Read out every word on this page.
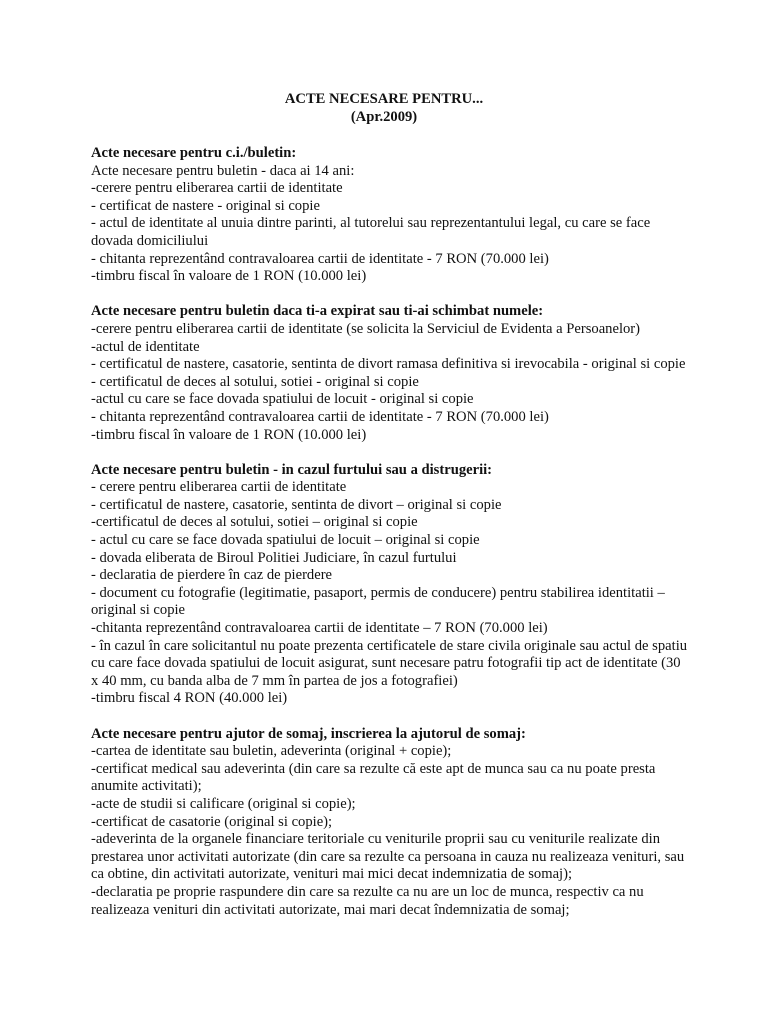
ACTE NECESARE PENTRU...
(Apr.2009)
Acte necesare pentru c.i./buletin:

Acte necesare pentru buletin - daca ai 14 ani:

-cerere pentru eliberarea cartii de identitate

- certificat de nastere - original si copie

- actul de identitate al unuia dintre parinti, al tutorelui sau reprezentantului legal, cu care se face dovada domiciliului

- chitanta reprezentând contravaloarea cartii de identitate - 7 RON (70.000 lei)

-timbru fiscal în valoare de 1 RON (10.000 lei)

Acte necesare pentru buletin daca ti-a expirat sau ti-ai schimbat numele:

-cerere pentru eliberarea cartii de identitate (se solicita la Serviciul de Evidenta a Persoanelor)

-actul de identitate

- certificatul de nastere, casatorie, sentinta de divort ramasa definitiva si irevocabila - original si copie

- certificatul de deces al sotului, sotiei - original si copie

-actul cu care se face dovada spatiului de locuit - original si copie

- chitanta reprezentând contravaloarea cartii de identitate - 7 RON (70.000 lei)

-timbru fiscal în valoare de 1 RON (10.000 lei)

Acte necesare pentru buletin - in cazul furtului sau a distrugerii:

- cerere pentru eliberarea cartii de identitate

- certificatul de nastere, casatorie, sentinta de divort – original si copie

-certificatul de deces al sotului, sotiei – original si copie

- actul cu care se face dovada spatiului de locuit – original si copie

- dovada eliberata de Biroul Politiei Judiciare, în cazul furtului

- declaratia de pierdere în caz de pierdere

- document cu fotografie (legitimatie, pasaport, permis de conducere) pentru stabilirea identitatii – original si copie

-chitanta reprezentând contravaloarea cartii de identitate – 7 RON (70.000 lei)

- în cazul în care solicitantul nu poate prezenta certificatele de stare civila originale sau actul de spatiu cu care face dovada spatiului de locuit asigurat, sunt necesare patru fotografii tip act de identitate (30 x 40 mm, cu banda alba de 7 mm în partea de jos a fotografiei)

-timbru fiscal 4 RON (40.000 lei)

Acte necesare pentru ajutor de somaj, inscrierea la ajutorul de somaj:

-cartea de identitate sau buletin, adeverinta (original + copie);

-certificat medical sau adeverinta (din care sa rezulte că este apt de munca sau ca nu poate presta anumite activitati);

-acte de studii si calificare (original si copie);

-certificat de casatorie (original si copie);

-adeverinta de la organele financiare teritoriale cu veniturile proprii sau cu veniturile realizate din prestarea unor activitati autorizate (din care sa rezulte ca persoana in cauza nu realizeaza venituri, sau ca obtine, din activitati autorizate, venituri mai mici decat indemnizatia de somaj);

-declaratia pe proprie raspundere din care sa rezulte ca nu are un loc de munca, respectiv ca nu realizeaza venituri din activitati autorizate, mai mari decat îndemnizatia de somaj;
